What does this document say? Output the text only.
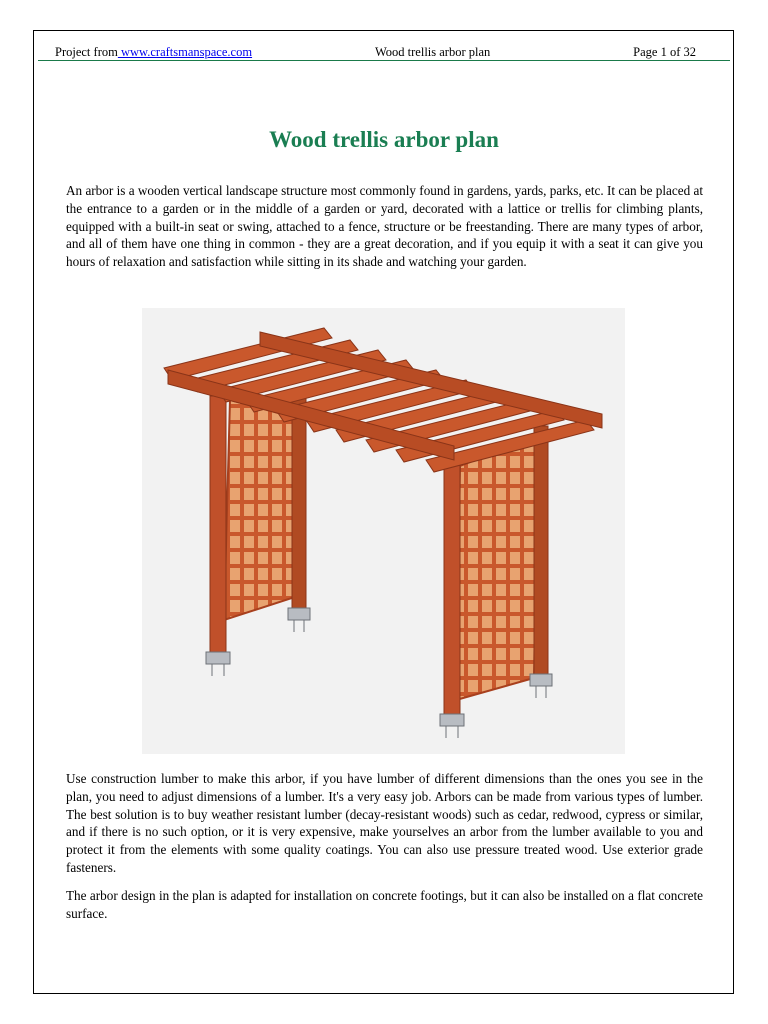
Project from www.craftsmanspace.com	Wood trellis arbor plan	Page 1 of 32
Wood trellis arbor plan
An arbor is a wooden vertical landscape structure most commonly found in gardens, yards, parks, etc. It can be placed at the entrance to a garden or in the middle of a garden or yard, decorated with a lattice or trellis for climbing plants, equipped with a built-in seat or swing, attached to a fence, structure or be freestanding. There are many types of arbor, and all of them have one thing in common - they are a great decoration, and if you equip it with a seat it can give you hours of relaxation and satisfaction while sitting in its shade and watching your garden.
Use construction lumber to make this arbor, if you have lumber of different dimensions than the ones you see in the plan, you need to adjust dimensions of a lumber. It's a very easy job. Arbors can be made from various types of lumber. The best solution is to buy weather resistant lumber (decay-resistant woods) such as cedar, redwood, cypress or similar, and if there is no such option, or it is very expensive, make yourselves an arbor from the lumber available to you and protect it from the elements with some quality coatings. You can also use pressure treated wood. Use exterior grade fasteners.
The arbor design in the plan is adapted for installation on concrete footings, but it can also be installed on a flat concrete surface.
